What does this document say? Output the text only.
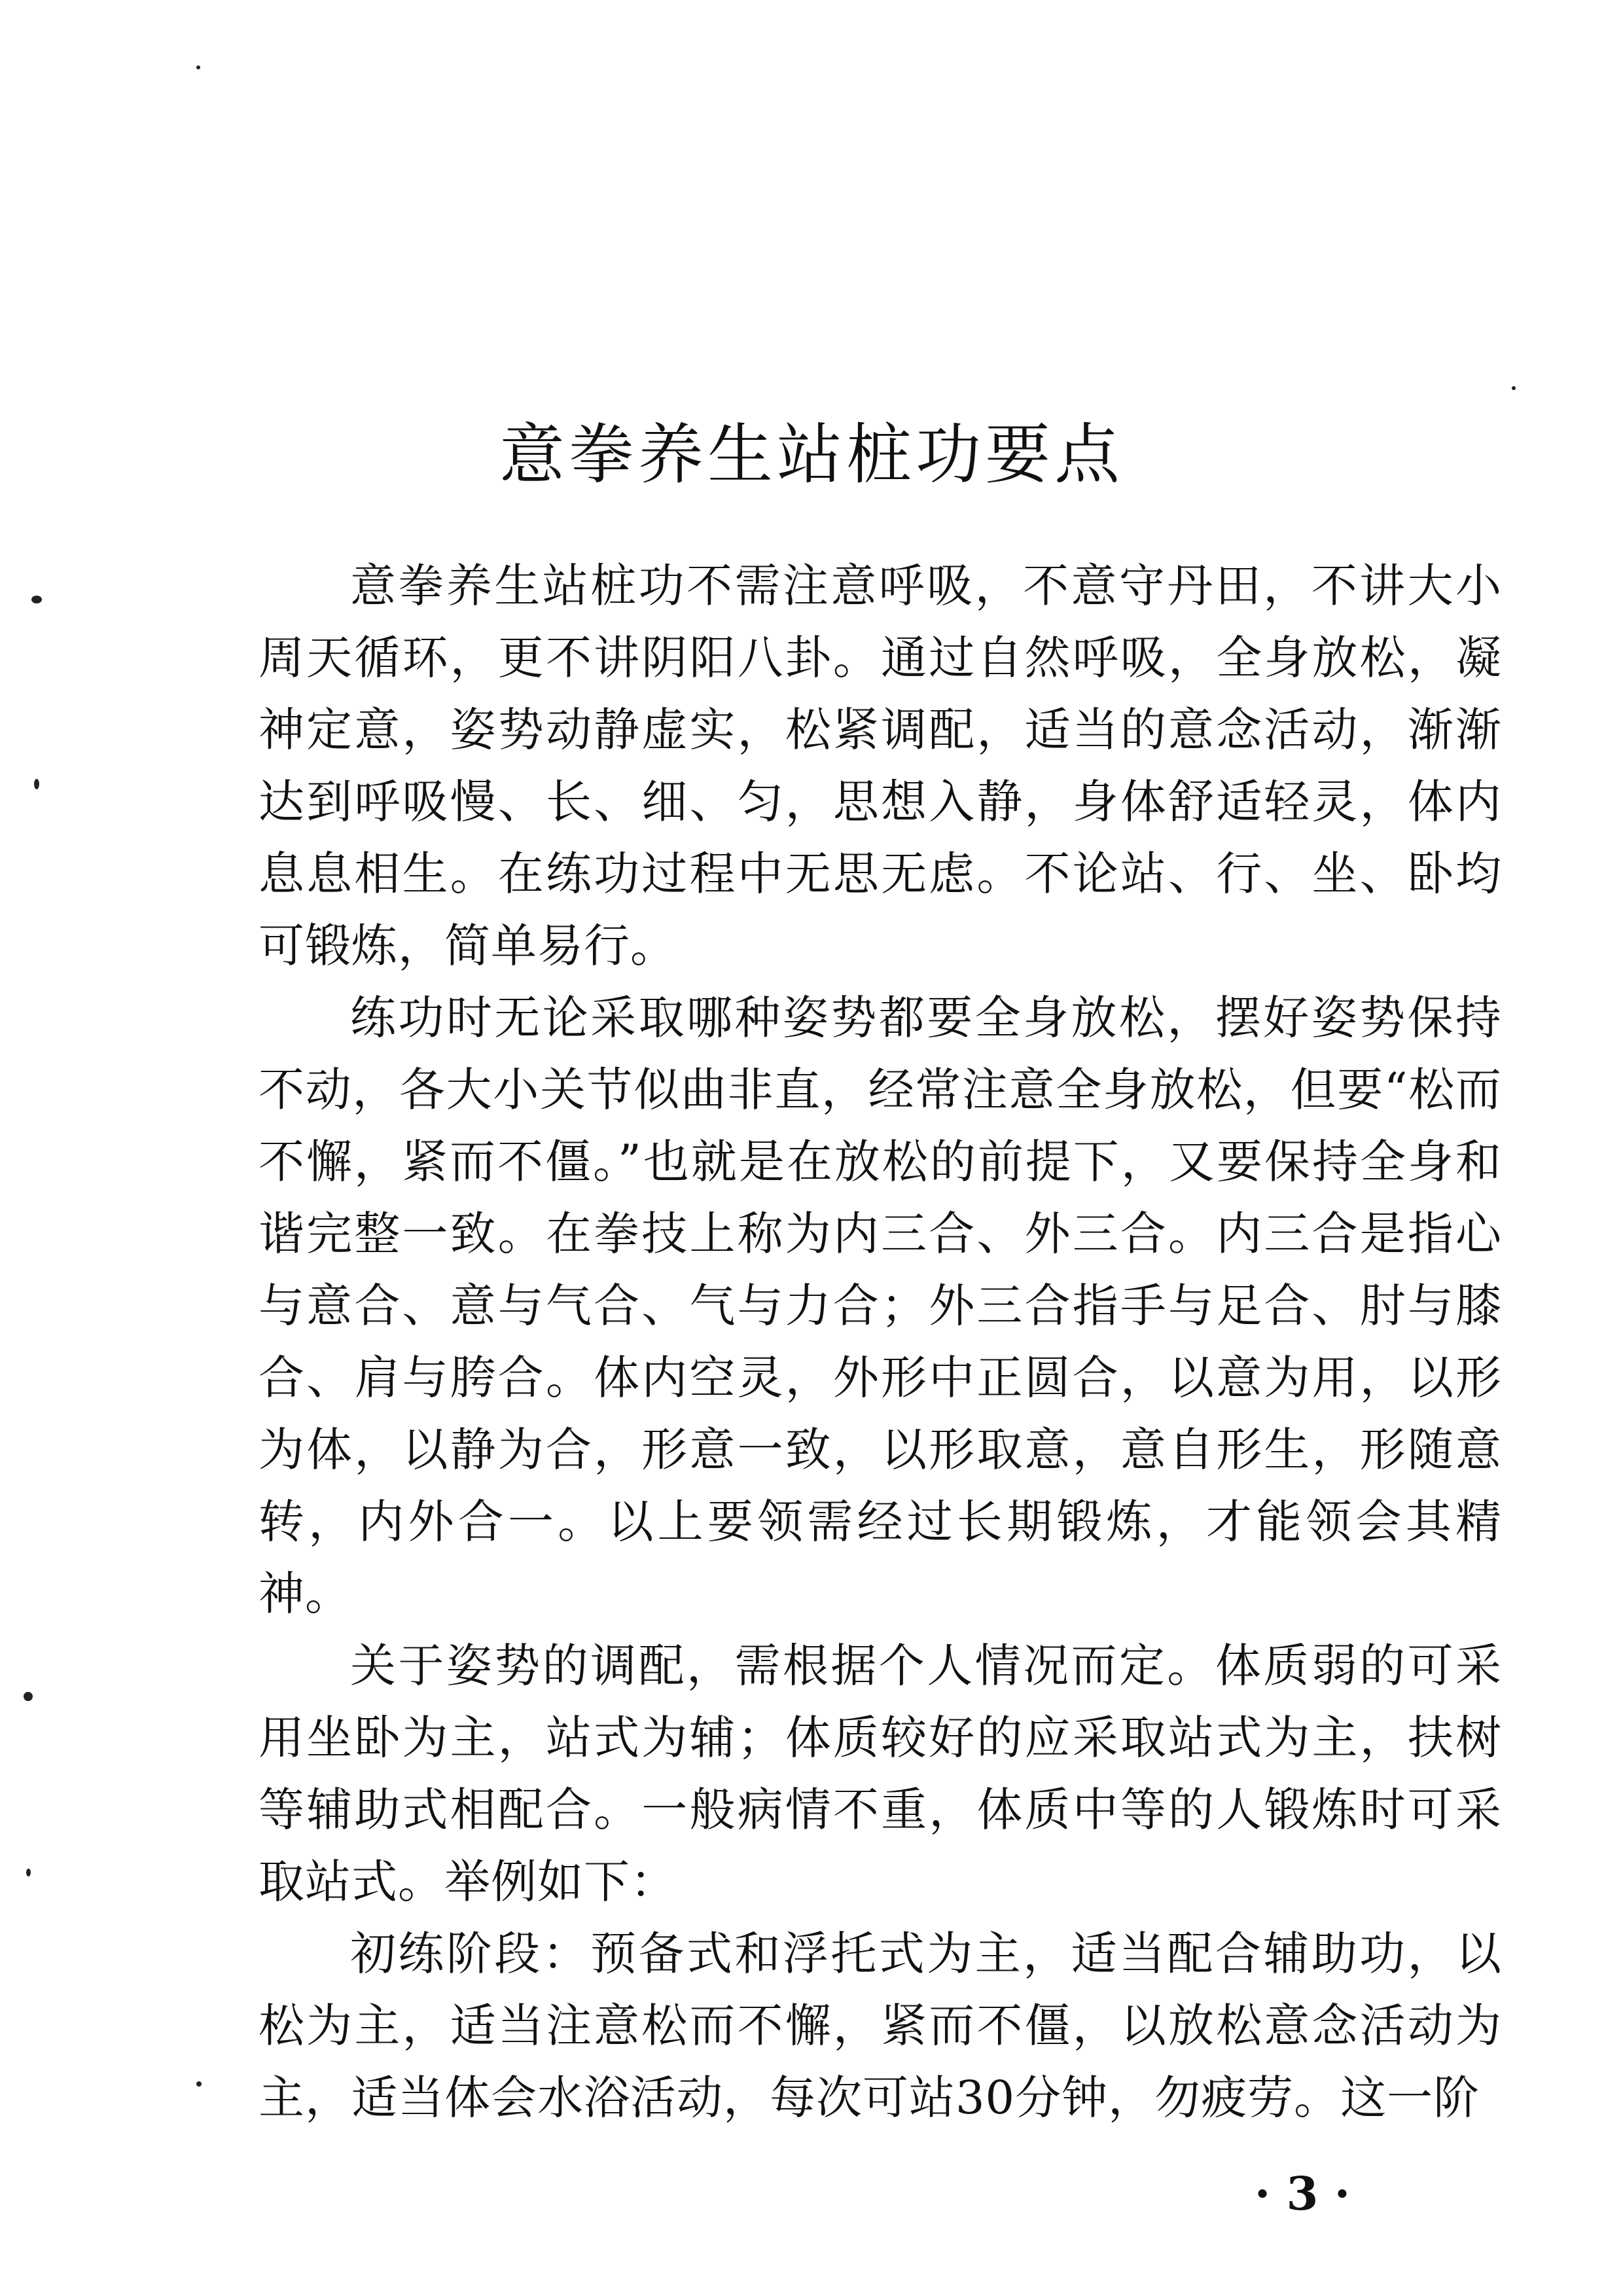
意拳养生站桩功要点

意拳养生站桩功不需注意呼吸，不意守丹田，不讲大小周天循环，更不讲阴阳八卦。通过自然呼吸，全身放松，凝神定意，姿势动静虚实，松紧调配，适当的意念活动，渐渐达到呼吸慢、长、细、匀，思想入静，身体舒适轻灵，体内息息相生。在练功过程中无思无虑。不论站、行、坐、卧均可锻炼，简单易行。

练功时无论采取哪种姿势都要全身放松，摆好姿势保持不动，各大小关节似曲非直，经常注意全身放松，但要“松而不懈，紧而不僵。”也就是在放松的前提下，又要保持全身和谐完整一致。在拳技上称为内三合、外三合。内三合是指心与意合、意与气合、气与力合；外三合指手与足合、肘与膝合、肩与胯合。体内空灵，外形中正圆合，以意为用，以形为体，以静为合，形意一致，以形取意，意自形生，形随意转，内外合一。以上要领需经过长期锻炼，才能领会其精神。

关于姿势的调配，需根据个人情况而定。体质弱的可采用坐卧为主，站式为辅；体质较好的应采取站式为主，扶树等辅助式相配合。一般病情不重，体质中等的人锻炼时可采取站式。举例如下：

初练阶段：预备式和浮托式为主，适当配合辅助功，以松为主，适当注意松而不懈，紧而不僵，以放松意念活动为主，适当体会水浴活动，每次可站30分钟，勿疲劳。这一阶

· 3 ·
